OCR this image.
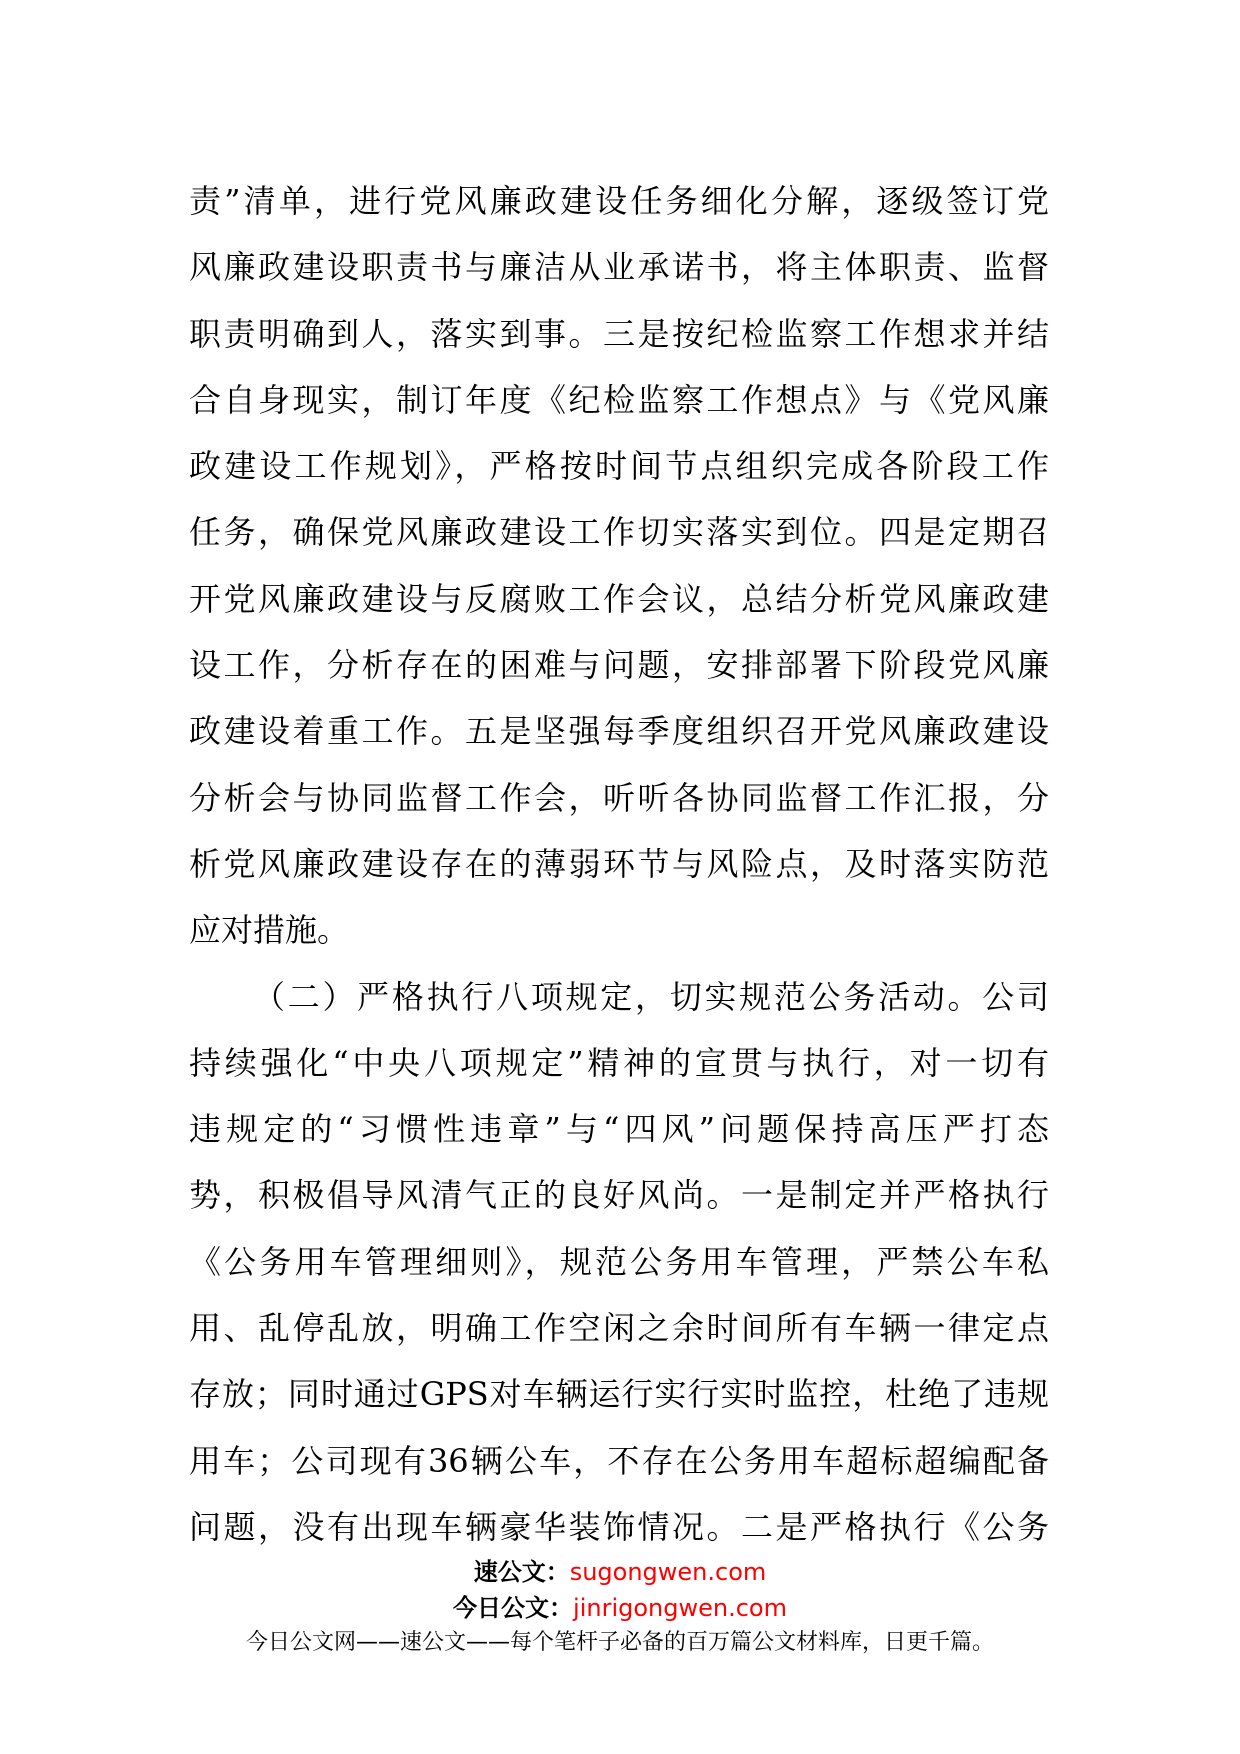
责”清单，进行党风廉政建设任务细化分解，逐级签订党
风廉政建设职责书与廉洁从业承诺书，将主体职责、监督
职责明确到人，落实到事。三是按纪检监察工作想求并结
合自身现实，制订年度《纪检监察工作想点》与《党风廉
政建设工作规划》，严格按时间节点组织完成各阶段工作
任务，确保党风廉政建设工作切实落实到位。四是定期召
开党风廉政建设与反腐败工作会议，总结分析党风廉政建
设工作，分析存在的困难与问题，安排部署下阶段党风廉
政建设着重工作。五是坚强每季度组织召开党风廉政建设
分析会与协同监督工作会，听听各协同监督工作汇报，分
析党风廉政建设存在的薄弱环节与风险点，及时落实防范
应对措施。
（二）严格执行八项规定，切实规范公务活动。公司
持续强化“中央八项规定”精神的宣贯与执行，对一切有
违规定的“习惯性违章”与“四风”问题保持高压严打态
势，积极倡导风清气正的良好风尚。一是制定并严格执行
《公务用车管理细则》，规范公务用车管理，严禁公车私
用、乱停乱放，明确工作空闲之余时间所有车辆一律定点
存放；同时通过GPS对车辆运行实行实时监控，杜绝了违规
用车；公司现有36辆公车，不存在公务用车超标超编配备
问题，没有出现车辆豪华装饰情况。二是严格执行《公务
速公文：sugongwen.com
今日公文：jinrigongwen.com
今日公文网——速公文——每个笔杆子必备的百万篇公文材料库，日更千篇。
